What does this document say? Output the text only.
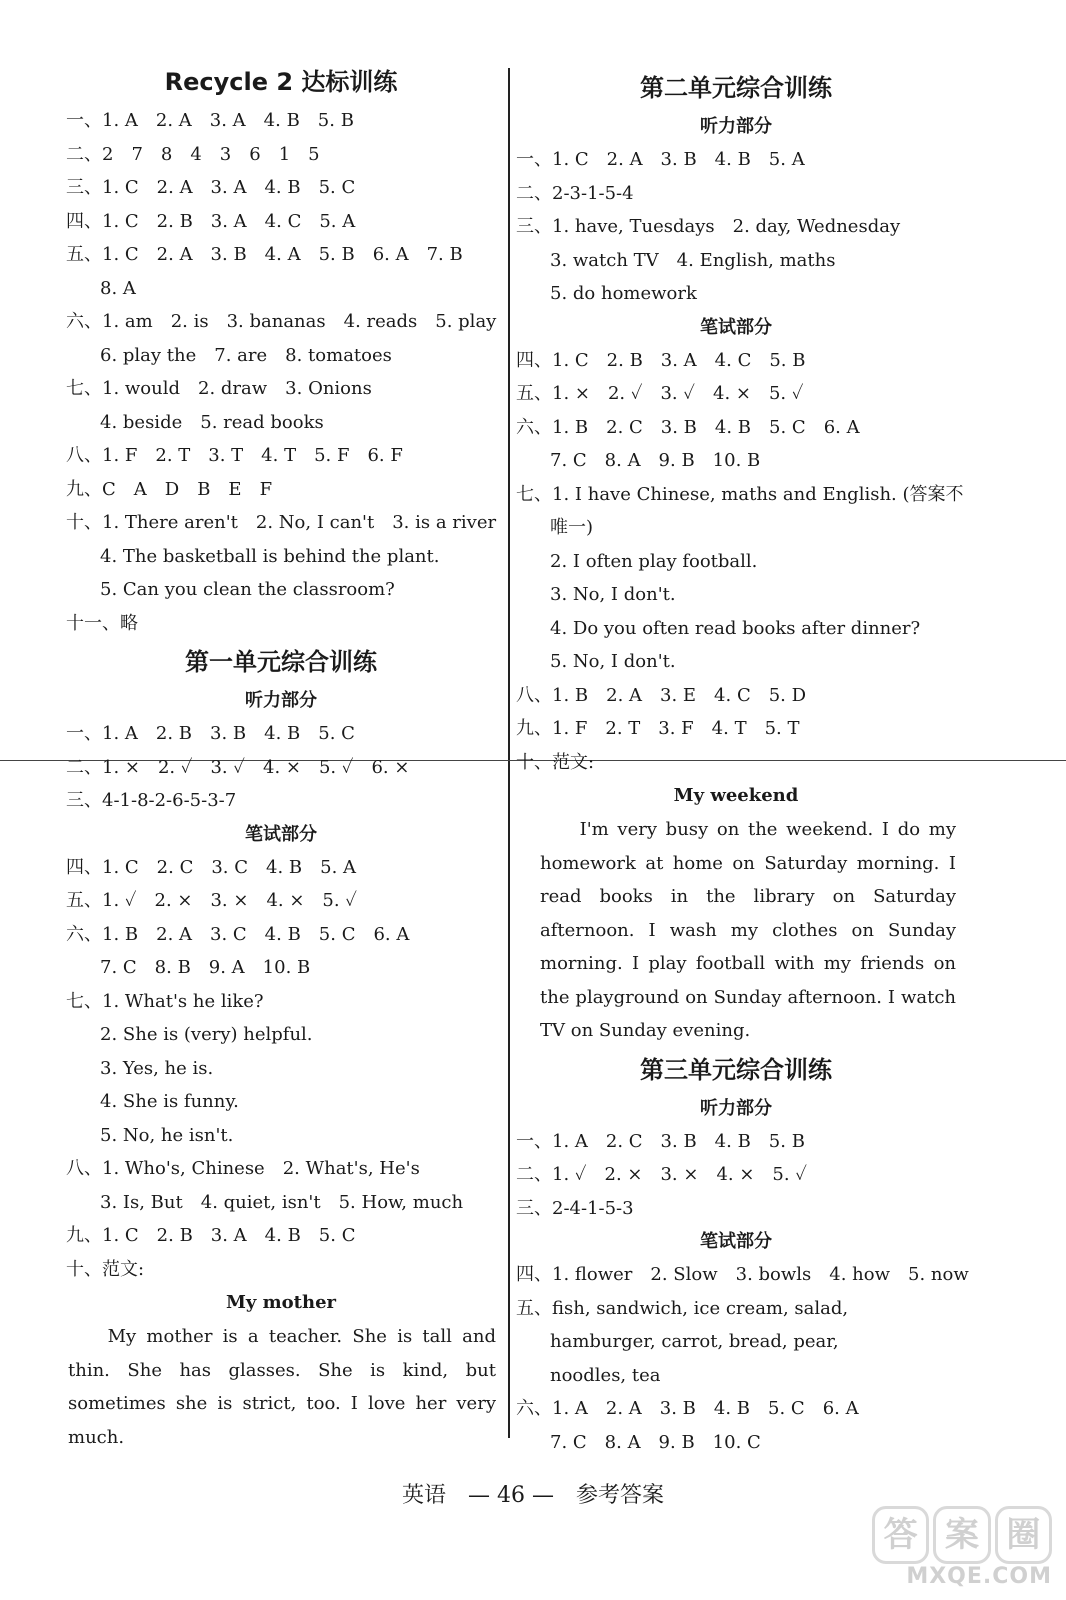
Recycle 2 达标训练
一、1. A　2. A　3. A　4. B　5. B
二、2　7　8　4　3　6　1　5
三、1. C　2. A　3. A　4. B　5. C
四、1. C　2. B　3. A　4. C　5. A
五、1. C　2. A　3. B　4. A　5. B　6. A　7. B
8. A
六、1. am　2. is　3. bananas　4. reads　5. play
6. play the　7. are　8. tomatoes
七、1. would　2. draw　3. Onions
4. beside　5. read books
八、1. F　2. T　3. T　4. T　5. F　6. F
九、C　A　D　B　E　F
十、1. There aren't　2. No, I can't　3. is a river
4. The basketball is behind the plant.
5. Can you clean the classroom?
十一、略
第一单元综合训练
听力部分
一、1. A　2. B　3. B　4. B　5. C
二、1. ×　2. ✓　3. ✓　4. ×　5. ✓　6. ×
三、4-1-8-2-6-5-3-7
笔试部分
四、1. C　2. C　3. C　4. B　5. A
五、1. ✓　2. ×　3. ×　4. ×　5. ✓
六、1. B　2. A　3. C　4. B　5. C　6. A
7. C　8. B　9. A　10. B
七、1. What's he like?
2. She is (very) helpful.
3. Yes, he is.
4. She is funny.
5. No, he isn't.
八、1. Who's, Chinese　2. What's, He's
3. Is, But　4. quiet, isn't　5. How, much
九、1. C　2. B　3. A　4. B　5. C
十、范文:
My mother

My mother is a teacher. She is tall and thin. She has glasses. She is kind, but sometimes she is strict, too. I love her very much.

第二单元综合训练
听力部分
一、1. C　2. A　3. B　4. B　5. A
二、2-3-1-5-4
三、1. have, Tuesdays　2. day, Wednesday
3. watch TV　4. English, maths
5. do homework
笔试部分
四、1. C　2. B　3. A　4. C　5. B
五、1. ×　2. ✓　3. ✓　4. ×　5. ✓
六、1. B　2. C　3. B　4. B　5. C　6. A
7. C　8. A　9. B　10. B
七、1. I have Chinese, maths and English. (答案不
唯一)
2. I often play football.
3. No, I don't.
4. Do you often read books after dinner?
5. No, I don't.
八、1. B　2. A　3. E　4. C　5. D
九、1. F　2. T　3. F　4. T　5. T
十、范文:
My weekend

I'm very busy on the weekend. I do my homework at home on Saturday morning. I read books in the library on Saturday afternoon. I wash my clothes on Sunday morning. I play football with my friends on the playground on Sunday afternoon. I watch TV on Sunday evening.

第三单元综合训练
听力部分
一、1. A　2. C　3. B　4. B　5. B
二、1. ✓　2. ×　3. ×　4. ×　5. ✓
三、2-4-1-5-3
笔试部分
四、1. flower　2. Slow　3. bowls　4. how　5. now
五、fish, sandwich, ice cream, salad,
hamburger, carrot, bread, pear,
noodles, tea
六、1. A　2. A　3. B　4. B　5. C　6. A
7. C　8. A　9. B　10. C
英语　— 46 —　参考答案
答 案 圈
MXQE.COM
